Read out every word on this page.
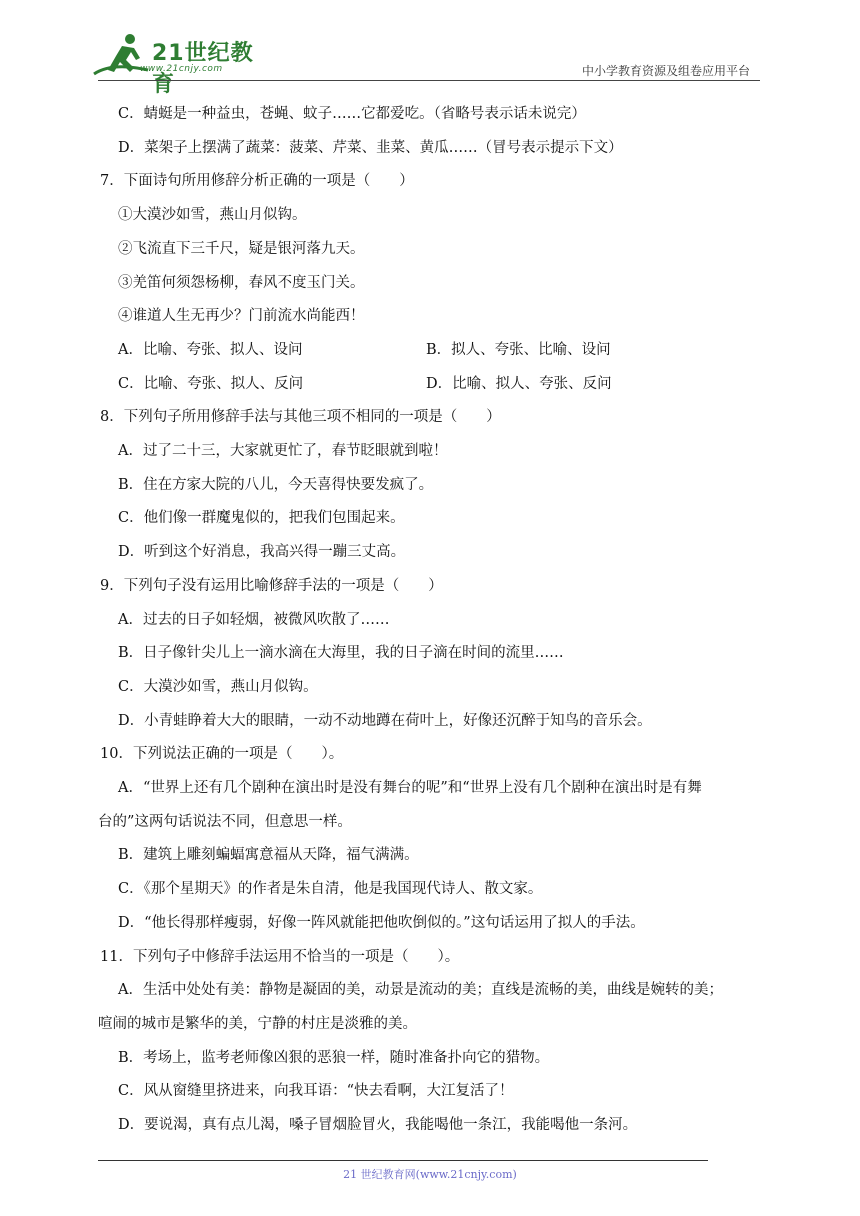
21世纪教育
www.21cnjy.com	中小学教育资源及组卷应用平台
C．蜻蜓是一种益虫，苍蝇、蚊子……它都爱吃。（省略号表示话未说完）
D．菜架子上摆满了蔬菜：菠菜、芹菜、韭菜、黄瓜……（冒号表示提示下文）
7．下面诗句所用修辞分析正确的一项是（　　）
①大漠沙如雪，燕山月似钩。
②飞流直下三千尺，疑是银河落九天。
③羌笛何须怨杨柳，春风不度玉门关。
④谁道人生无再少？门前流水尚能西！
A．比喻、夸张、拟人、设问	B．拟人、夸张、比喻、设问
C．比喻、夸张、拟人、反问	D．比喻、拟人、夸张、反问
8．下列句子所用修辞手法与其他三项不相同的一项是（　　）
A．过了二十三，大家就更忙了，春节眨眼就到啦！
B．住在方家大院的八儿，今天喜得快要发疯了。
C．他们像一群魔鬼似的，把我们包围起来。
D．听到这个好消息，我高兴得一蹦三丈高。
9．下列句子没有运用比喻修辞手法的一项是（　　）
A．过去的日子如轻烟，被微风吹散了……
B．日子像针尖儿上一滴水滴在大海里，我的日子滴在时间的流里……
C．大漠沙如雪，燕山月似钩。
D．小青蛙睁着大大的眼睛，一动不动地蹲在荷叶上，好像还沉醉于知鸟的音乐会。
10．下列说法正确的一项是（　　）。
A．“世界上还有几个剧种在演出时是没有舞台的呢”和“世界上没有几个剧种在演出时是有舞
台的”这两句话说法不同，但意思一样。
B．建筑上雕刻蝙蝠寓意福从天降，福气满满。
C．《那个星期天》的作者是朱自清，他是我国现代诗人、散文家。
D．“他长得那样瘦弱，好像一阵风就能把他吹倒似的。”这句话运用了拟人的手法。
11．下列句子中修辞手法运用不恰当的一项是（　　）。
A．生活中处处有美：静物是凝固的美，动景是流动的美；直线是流畅的美，曲线是婉转的美；
喧闹的城市是繁华的美，宁静的村庄是淡雅的美。
B．考场上，监考老师像凶狠的恶狼一样，随时准备扑向它的猎物。
C．风从窗缝里挤进来，向我耳语：“快去看啊，大江复活了！
D．要说渴，真有点儿渴，嗓子冒烟脸冒火，我能喝他一条江，我能喝他一条河。
21 世纪教育网(www.21cnjy.com)
